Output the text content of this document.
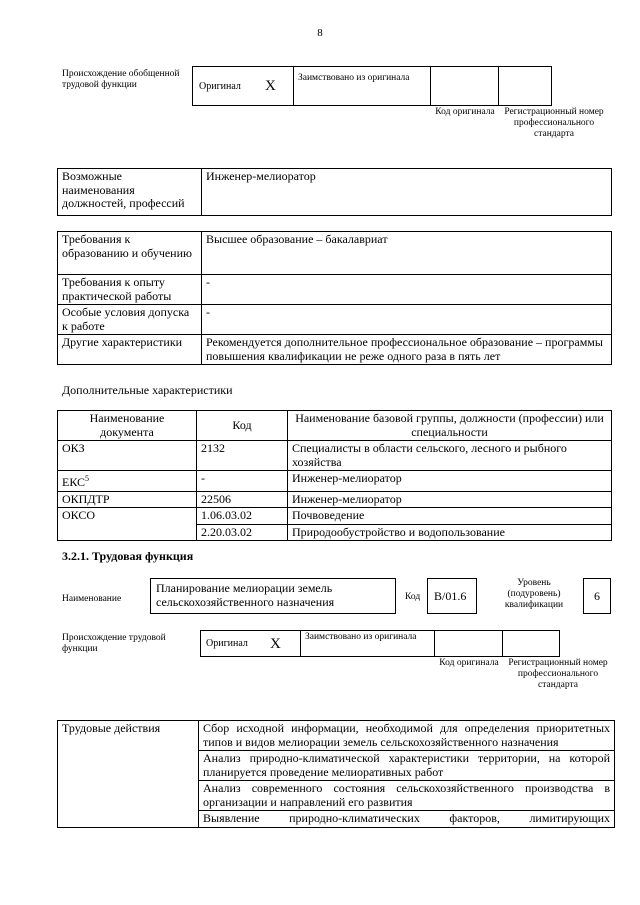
8
Происхождение обобщенной трудовой функции	Оригинал X Заимствовано из оригинала
Код оригинала	Регистрационный номер профессионального стандарта
Возможные наименования должностей, профессий	Инженер-мелиоратор
Требования к образованию и обучению	Высшее образование – бакалавриат
Требования к опыту практической работы	-
Особые условия допуска к работе	-
Другие характеристики	Рекомендуется дополнительное профессиональное образование – программы повышения квалификации не реже одного раза в пять лет
Дополнительные характеристики
Наименование документа	Код	Наименование базовой группы, должности (профессии) или специальности
ОКЗ	2132	Специалисты в области сельского, лесного и рыбного хозяйства
ЕКС$^5$	-	Инженер-мелиоратор
ОКПДТР	22506	Инженер-мелиоратор
ОКСО	1.06.03.02	Почвоведение
	2.20.03.02	Природообустройство и водопользование
3.2.1. Трудовая функция
Наименование
Планирование мелиорации земель сельскохозяйственного назначения	Код	B/01.6
Уровень (подуровень) квалификации
6
Происхождение трудовой функции	Оригинал X	Заимствовано из оригинала
Код оригинала	Регистрационный номер профессионального стандарта
Трудовые действия	Сбор исходной информации, необходимой для определения приоритетных типов и видов мелиорации земель сельскохозяйственного назначения
Анализ природно-климатической характеристики территории, на которой планируется проведение мелиоративных работ
Анализ современного состояния сельскохозяйственного производства в организации и направлений его развития
Выявление природно-климатических факторов, лимитирующих
